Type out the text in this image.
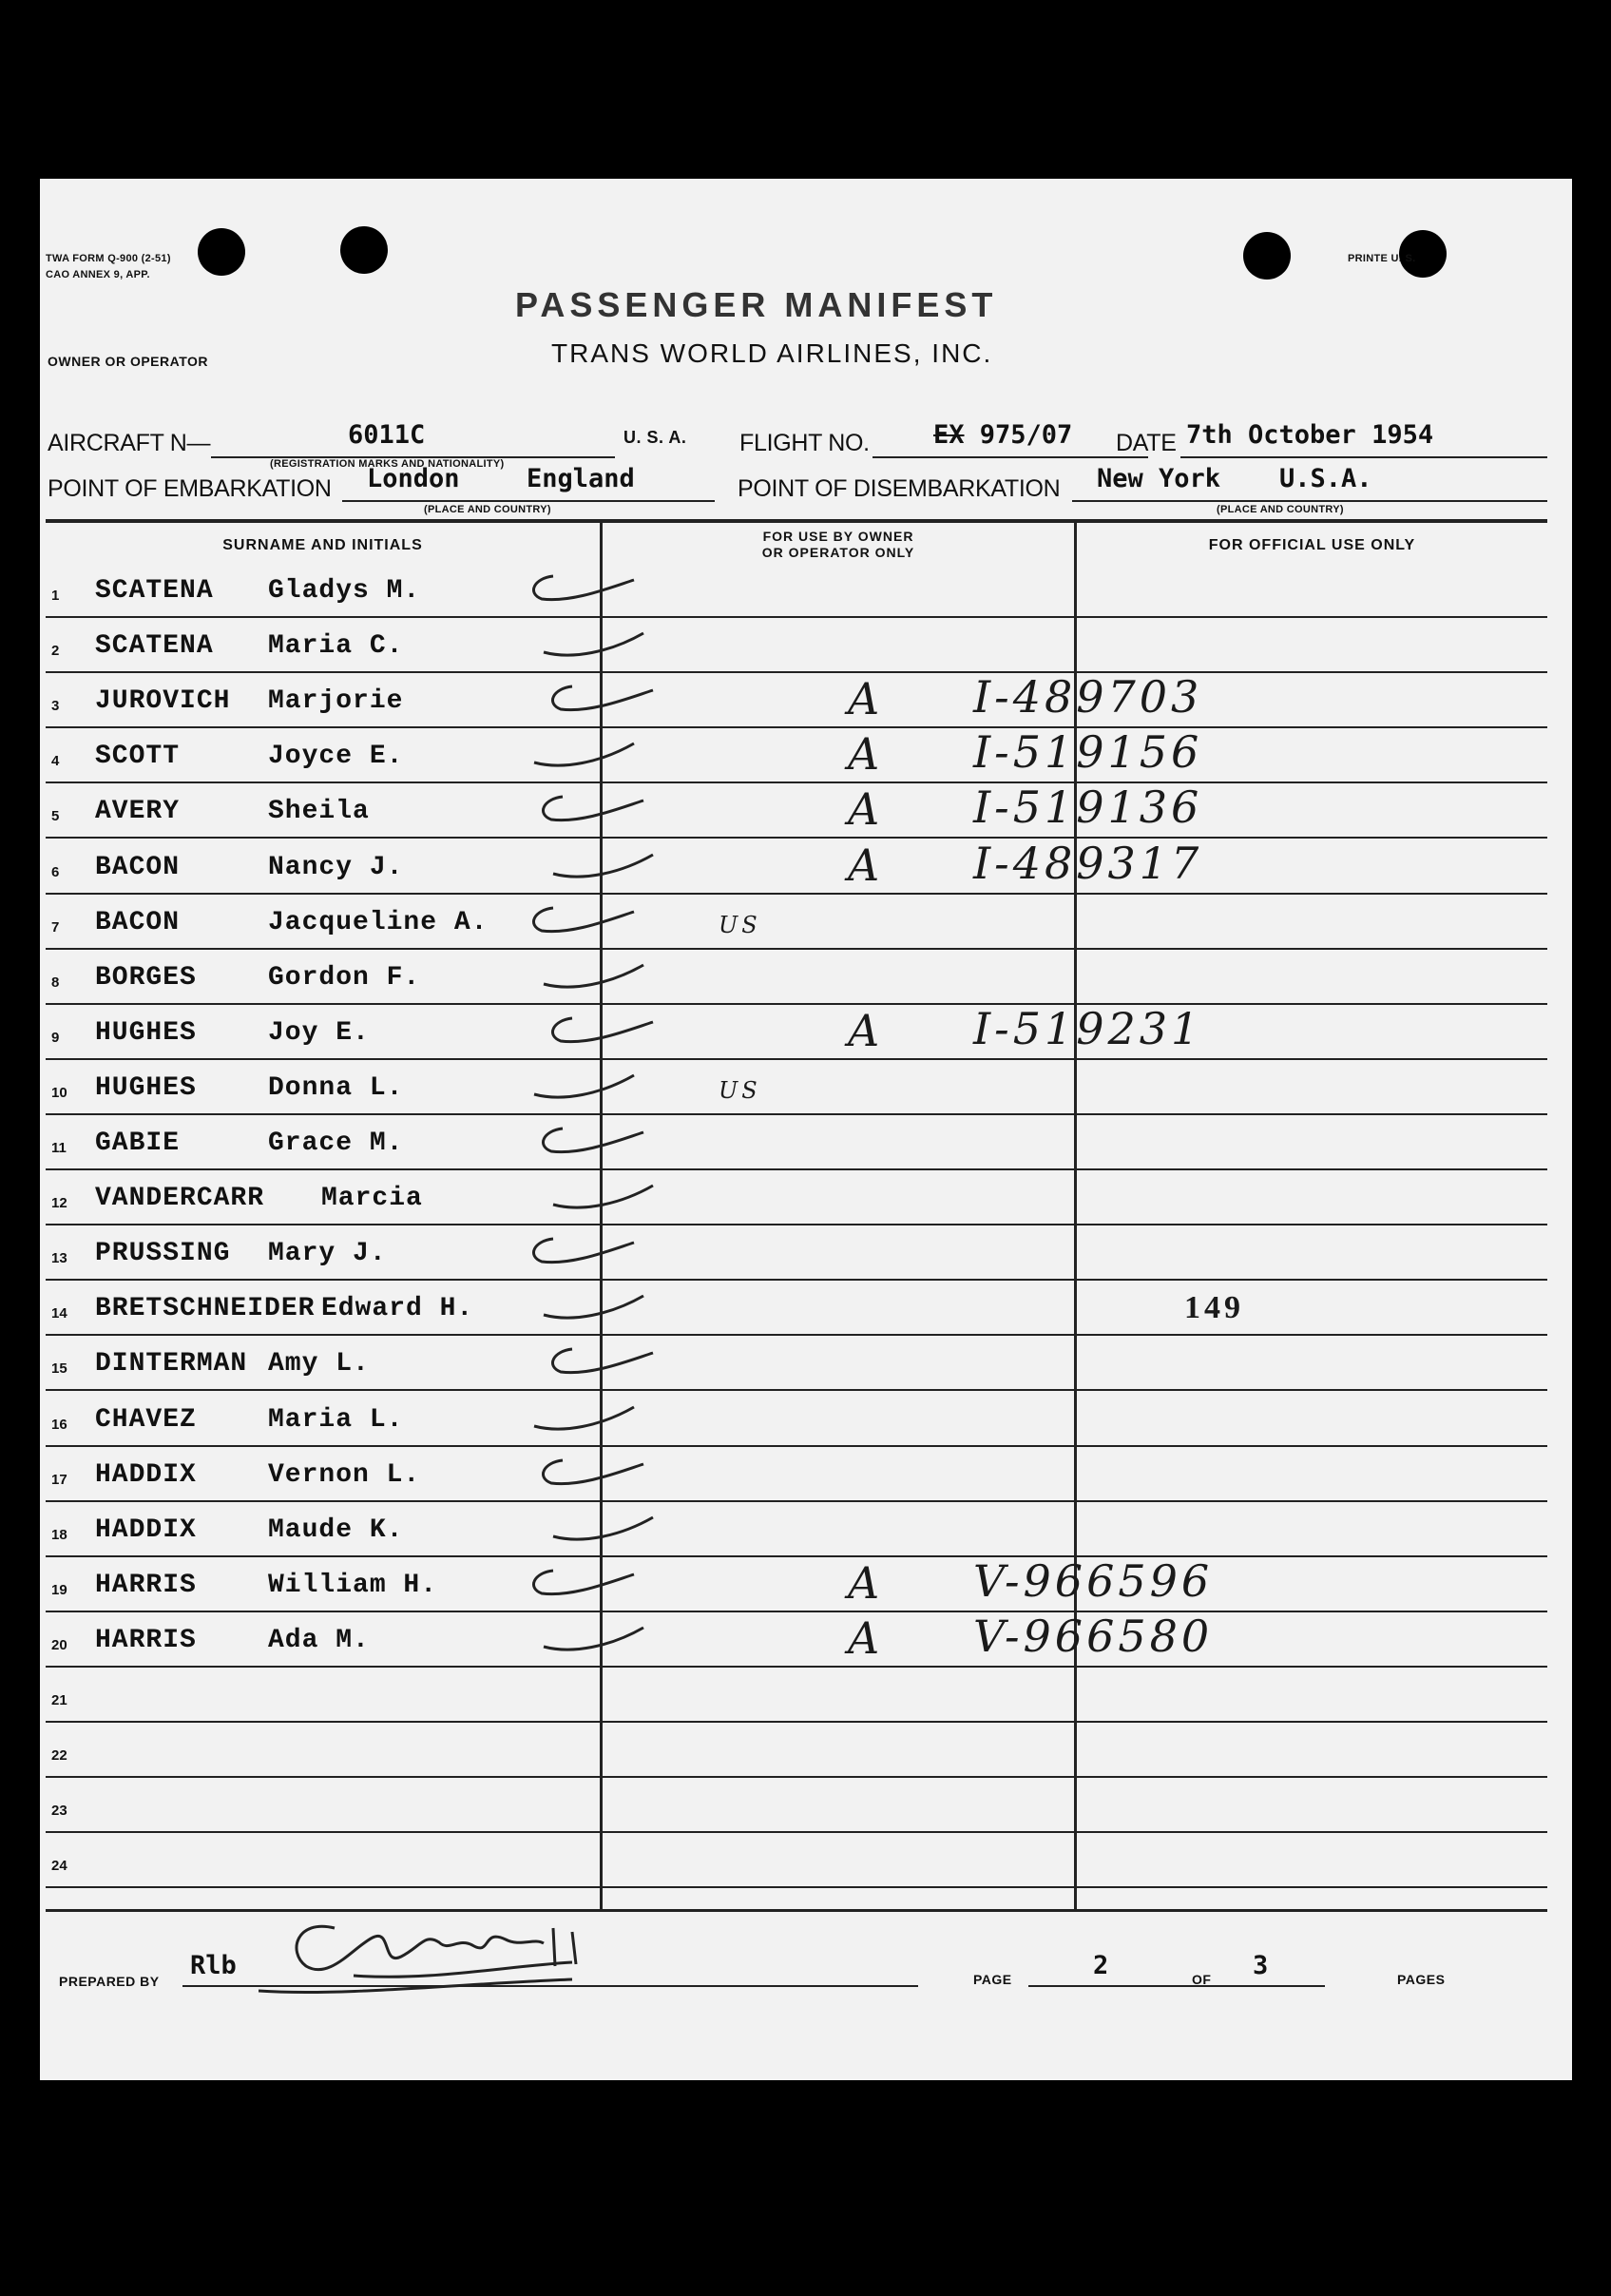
TWA FORM Q-900 (2-51)
CAO ANNEX 9, APP.
PRINTE U. S.
OWNER OR OPERATOR
PASSENGER MANIFEST
TRANS WORLD AIRLINES, INC.
AIRCRAFT N—	6011C
(REGISTRATION MARKS AND NATIONALITY)
U. S. A. FLIGHT NO. EX 975/07 DATE 7th October 1954
POINT OF EMBARKATION London	England
(PLACE AND COUNTRY)
POINT OF DISEMBARKATION New York U.S.A.
(PLACE AND COUNTRY)
SURNAME AND INITIALS
FOR USE BY OWNER
OR OPERATOR ONLY	FOR OFFICIAL USE ONLY
1 SCATENA Gladys M.
2 SCATENA Maria C.
3 JUROVICH Marjorie	A I-489703
4 SCOTT	Joyce E.	A I-519156
5 AVERY	Sheila	A I-519136
6 BACON	Nancy J.	A I-489317
7 BACON	Jacqueline A.	US
8 BORGES	Gordon F.
9 HUGHES	Joy E.	A I-519231
10 HUGHES	Donna L.	US
11 GABIE	Grace M.
12 VANDERCARR Marcia
13 PRUSSING Mary J.
14 BRETSCHNEIDER Edward H.	149
15 DINTERMAN Amy L.
16 CHAVEZ	Maria L.
17 HADDIX	Vernon L.
18 HADDIX	Maude K.
19 HARRIS	William H.	A V-966596
20 HARRIS	Ada M.	A V-966580
21
22
23
24
PREPARED BY
Rlb	PAGE	2	OF 3	PAGES
